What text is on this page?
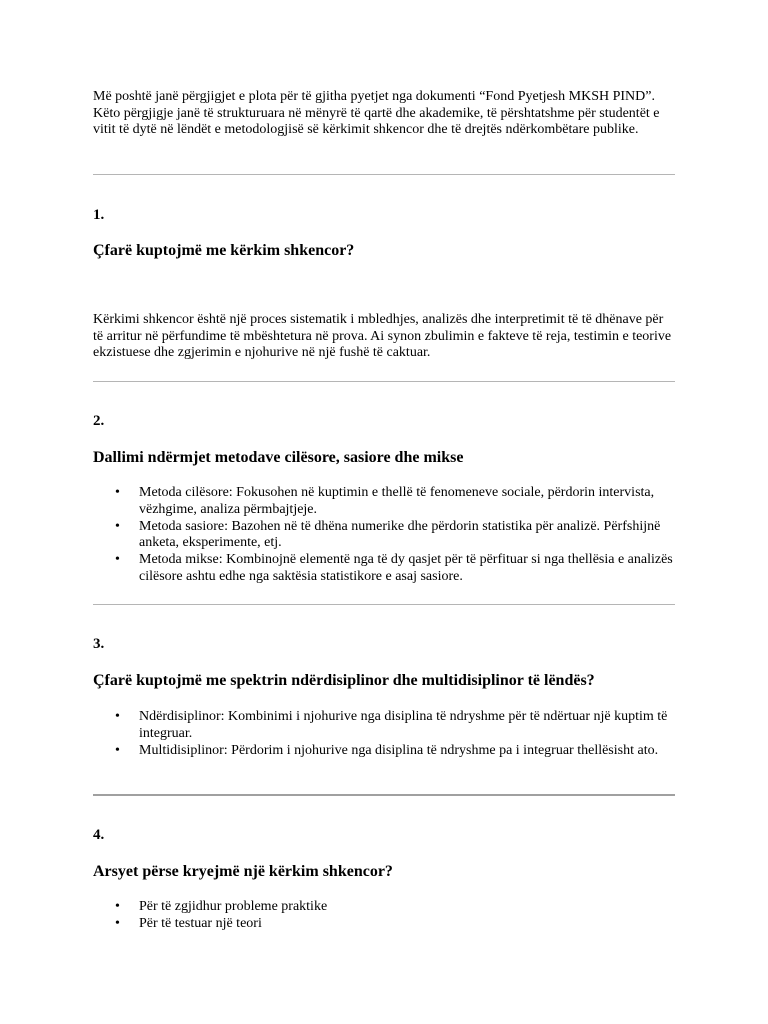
Më poshtë janë përgjigjet e plota për të gjitha pyetjet nga dokumenti “Fond Pyetjesh MKSH PIND”. Këto përgjigje janë të strukturuara në mënyrë të qartë dhe akademike, të përshtatshme për studentët e vitit të dytë në lëndët e metodologjisë së kërkimit shkencor dhe të drejtës ndërkombëtare publike.

1.

Çfarë kuptojmë me kërkim shkencor?

Kërkimi shkencor është një proces sistematik i mbledhjes, analizës dhe interpretimit të të dhënave për të arritur në përfundime të mbështetura në prova. Ai synon zbulimin e fakteve të reja, testimin e teorive ekzistuese dhe zgjerimin e njohurive në një fushë të caktuar.

2.

Dallimi ndërmjet metodave cilësore, sasiore dhe mikse

• Metoda cilësore: Fokusohen në kuptimin e thellë të fenomeneve sociale, përdorin intervista, vëzhgime, analiza përmbajtjeje.
• Metoda sasiore: Bazohen në të dhëna numerike dhe përdorin statistika për analizë. Përfshijnë anketa, eksperimente, etj.
• Metoda mikse: Kombinojnë elementë nga të dy qasjet për të përfituar si nga thellësia e analizës cilësore ashtu edhe nga saktësia statistikore e asaj sasiore.

3.

Çfarë kuptojmë me spektrin ndërdisiplinor dhe multidisiplinor të lëndës?

• Ndërdisiplinor: Kombinimi i njohurive nga disiplina të ndryshme për të ndërtuar një kuptim të integruar.
• Multidisiplinor: Përdorim i njohurive nga disiplina të ndryshme pa i integruar thellësisht ato.

4.

Arsyet përse kryejmë një kërkim shkencor?

• Për të zgjidhur probleme praktike
• Për të testuar një teori
